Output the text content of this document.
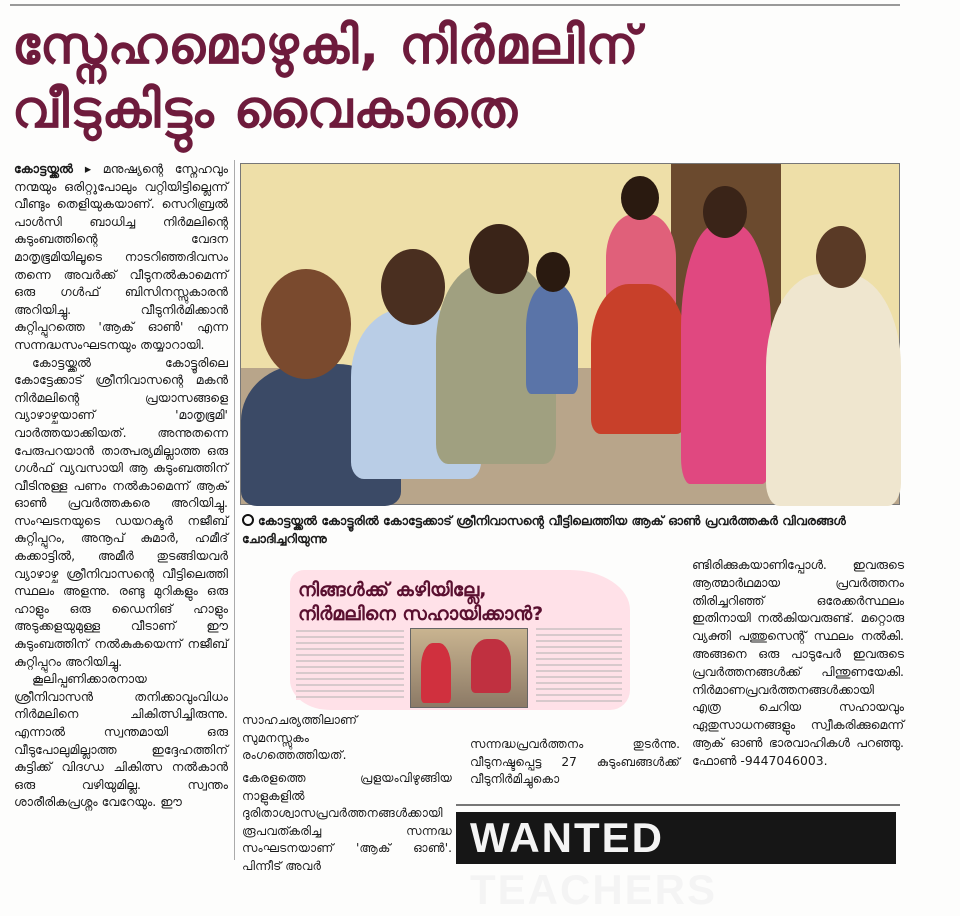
സ്നേഹമൊഴുകി, നിർമലിന്
വീടുകിട്ടും വൈകാതെ

കോട്ടയ്ക്കൽ ▸ മനുഷ്യന്റെ സ്നേഹവും നന്മയും ഒരിറ്റുപോലും വറ്റിയിട്ടില്ലെന്ന് വീണ്ടും തെളിയുകയാണ്. സെറിബ്രൽ പാൾസി ബാധിച്ച നിർമലിന്റെ കുടുംബത്തിന്റെ വേദന മാതൃഭൂമിയിലൂടെ നാടറിഞ്ഞദിവസം തന്നെ അവർക്ക് വീടുനൽകാമെന്ന് ഒരു ഗൾഫ് ബിസിനസ്സുകാരൻ അറിയിച്ചു. വീടുനിർമിക്കാൻ കുറ്റിപ്പുറത്തെ 'ആക് ഓൺ' എന്ന സന്നദ്ധസംഘടനയും തയ്യാറായി.

കോട്ടയ്ക്കൽ കോട്ടൂരിലെ കോട്ടേക്കാട് ശ്രീനിവാസന്റെ മകൻ നിർമലിന്റെ പ്രയാസങ്ങളെ വ്യാഴാഴ്ചയാണ് 'മാതൃഭൂമി' വാർത്തയാക്കിയത്. അന്നുതന്നെ പേരുപറയാൻ താത്പര്യമില്ലാത്ത ഒരു ഗൾഫ് വ്യവസായി ആ കുടുംബത്തിന് വീടിനുള്ള പണം നൽകാമെന്ന് ആക് ഓൺ പ്രവർത്തകരെ അറിയിച്ചു. സംഘടനയുടെ ഡയറക്ടർ നജീബ് കുറ്റിപ്പുറം, അനൂപ് കുമാർ, ഹമീദ് കക്കാട്ടിൽ, അമീർ തുടങ്ങിയവർ വ്യാഴാഴ്ച ശ്രീനിവാസന്റെ വീട്ടിലെത്തി സ്ഥലം അളന്നു. രണ്ടു മുറികളും ഒരു ഹാളും ഒരു ഡൈനിങ് ഹാളും അടുക്കളയുമുള്ള വീടാണ് ഈ കുടുംബത്തിന് നൽകുകയെന്ന് നജീബ് കുറ്റിപ്പുറം അറിയിച്ചു.

കൂലിപ്പണിക്കാരനായ ശ്രീനിവാസൻ തനിക്കാവുംവിധം നിർമലിനെ ചികിത്സിച്ചിരുന്നു. എന്നാൽ സ്വന്തമായി ഒരു വീടുപോലുമില്ലാത്ത ഇദ്ദേഹത്തിന് കുട്ടിക്ക് വിദഗ്ധ ചികിത്സ നൽകാൻ ഒരു വഴിയുമില്ല. സ്വന്തം ശാരീരികപ്രശ്നം വേറേയും. ഈ

കോട്ടയ്ക്കൽ കോട്ടൂരിൽ കോട്ടേക്കാട് ശ്രീനിവാസന്റെ വീട്ടിലെത്തിയ ആക് ഓൺ പ്രവർത്തകർ വിവരങ്ങൾ ചോദിച്ചറിയുന്നു

നിങ്ങൾക്ക് കഴിയില്ലേ,
നിർമലിനെ സഹായിക്കാൻ?

സാഹചര്യത്തിലാണ് സുമനസ്സുകം രംഗത്തെത്തിയത്.

കേരളത്തെ പ്രളയംവിഴുങ്ങിയ നാളുകളിൽ ദുരിതാശ്വാസപ്രവർത്തനങ്ങൾക്കായി രൂപവത്കരിച്ച സന്നദ്ധ സംഘടനയാണ് 'ആക് ഓൺ'. പിന്നീട് അവർ

സന്നദ്ധപ്രവർത്തനം തുടർന്നു. വീടുനഷ്ടപ്പെട്ട 27 കുടുംബങ്ങൾക്ക് വീടുനിർമിച്ചുകൊ

ണ്ടിരിക്കുകയാണിപ്പോൾ. ഇവരുടെ ആത്മാർഥമായ പ്രവർത്തനം തിരിച്ചറിഞ്ഞ് ഒരേക്കർസ്ഥലം ഇതിനായി നൽകിയവരുണ്ട്. മറ്റൊരു വ്യക്തി പത്തുസെന്റ് സ്ഥലം നൽകി. അങ്ങനെ ഒരു പാടുപേർ ഇവരുടെ പ്രവർത്തനങ്ങൾക്ക് പിന്തുണയേകി. നിർമാണപ്രവർത്തനങ്ങൾക്കായി എത്ര ചെറിയ സഹായവും ഏതുസാധനങ്ങളും സ്വീകരിക്കുമെന്ന് ആക് ഓൺ ഭാരവാഹികൾ പറഞ്ഞു. ഫോൺ -9447046003.

WANTED TEACHERS
